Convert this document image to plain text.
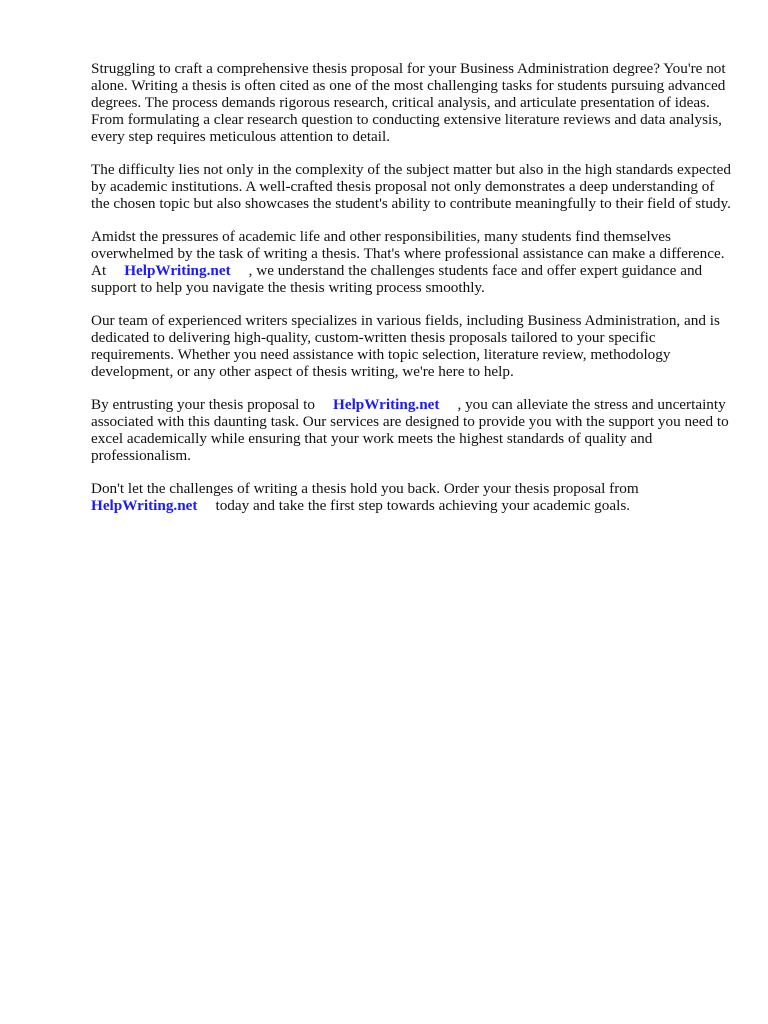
Struggling to craft a comprehensive thesis proposal for your Business Administration degree? You're not alone. Writing a thesis is often cited as one of the most challenging tasks for students pursuing advanced degrees. The process demands rigorous research, critical analysis, and articulate presentation of ideas. From formulating a clear research question to conducting extensive literature reviews and data analysis, every step requires meticulous attention to detail.

The difficulty lies not only in the complexity of the subject matter but also in the high standards expected by academic institutions. A well-crafted thesis proposal not only demonstrates a deep understanding of the chosen topic but also showcases the student's ability to contribute meaningfully to their field of study.

Amidst the pressures of academic life and other responsibilities, many students find themselves overwhelmed by the task of writing a thesis. That's where professional assistance can make a difference. At HelpWriting.net , we understand the challenges students face and offer expert guidance and support to help you navigate the thesis writing process smoothly.

Our team of experienced writers specializes in various fields, including Business Administration, and is dedicated to delivering high-quality, custom-written thesis proposals tailored to your specific requirements. Whether you need assistance with topic selection, literature review, methodology development, or any other aspect of thesis writing, we're here to help.

By entrusting your thesis proposal to HelpWriting.net , you can alleviate the stress and uncertainty associated with this daunting task. Our services are designed to provide you with the support you need to excel academically while ensuring that your work meets the highest standards of quality and professionalism.

Don't let the challenges of writing a thesis hold you back. Order your thesis proposal from HelpWriting.net today and take the first step towards achieving your academic goals.
